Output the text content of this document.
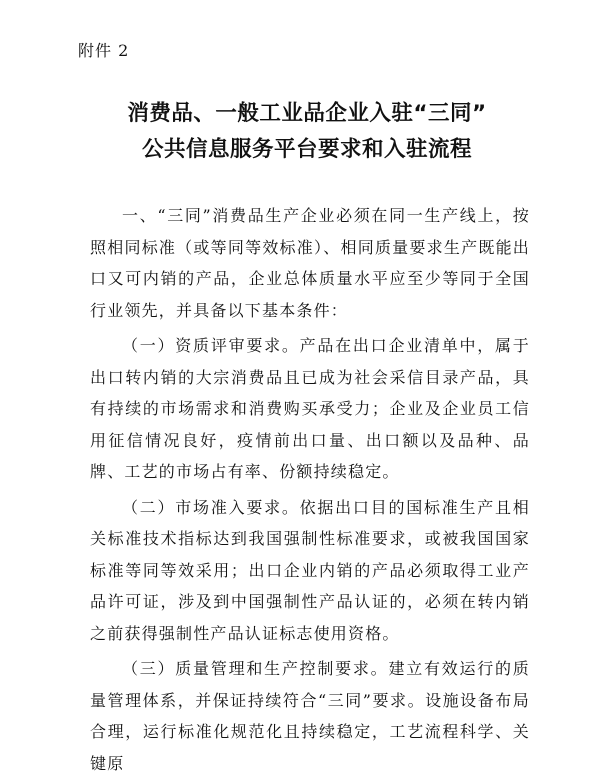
附件 2
消费品、一般工业品企业入驻“三同”
公共信息服务平台要求和入驻流程

一、“三同”消费品生产企业必须在同一生产线上，按照相同标准（或等同等效标准）、相同质量要求生产既能出口又可内销的产品，企业总体质量水平应至少等同于全国行业领先，并具备以下基本条件：

（一）资质评审要求。产品在出口企业清单中，属于出口转内销的大宗消费品且已成为社会采信目录产品，具有持续的市场需求和消费购买承受力；企业及企业员工信用征信情况良好，疫情前出口量、出口额以及品种、品牌、工艺的市场占有率、份额持续稳定。

（二）市场准入要求。依据出口目的国标准生产且相关标准技术指标达到我国强制性标准要求，或被我国国家标准等同等效采用；出口企业内销的产品必须取得工业产品许可证，涉及到中国强制性产品认证的，必须在转内销之前获得强制性产品认证标志使用资格。

（三）质量管理和生产控制要求。建立有效运行的质量管理体系，并保证持续符合“三同”要求。设施设备布局合理，运行标准化规范化且持续稳定，工艺流程科学、关键原
